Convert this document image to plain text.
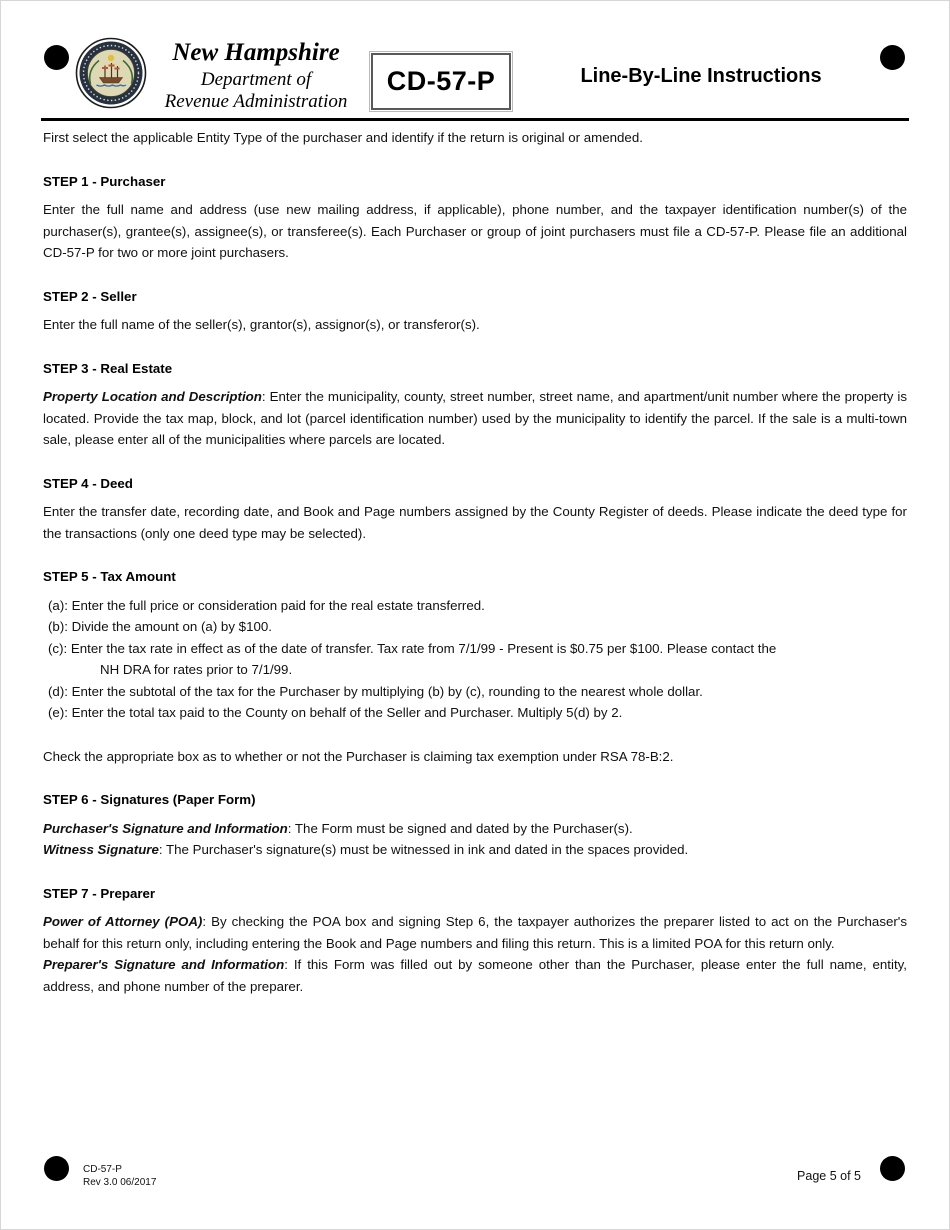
New Hampshire
Department of
Revenue Administration
CD-57-P	Line-By-Line Instructions

First select the applicable Entity Type of the purchaser and identify if the return is original or amended.

STEP 1 - Purchaser

Enter the full name and address (use new mailing address, if applicable), phone number, and the taxpayer identification number(s) of the purchaser(s), grantee(s), assignee(s), or transferee(s). Each Purchaser or group of joint purchasers must file a CD-57-P. Please file an additional CD-57-P for two or more joint purchasers.

STEP 2 - Seller

Enter the full name of the seller(s), grantor(s), assignor(s), or transferor(s).

STEP 3 - Real Estate

Property Location and Description: Enter the municipality, county, street number, street name, and apartment/unit number where the property is located. Provide the tax map, block, and lot (parcel identification number) used by the municipality to identify the parcel. If the sale is a multi-town sale, please enter all of the municipalities where parcels are located.

STEP 4 - Deed

Enter the transfer date, recording date, and Book and Page numbers assigned by the County Register of deeds. Please indicate the deed type for the transactions (only one deed type may be selected).

STEP 5 - Tax Amount

(a): Enter the full price or consideration paid for the real estate transferred.

(b): Divide the amount on (a) by $100.

(c): Enter the tax rate in effect as of the date of transfer. Tax rate from 7/1/99 - Present is $0.75 per $100. Please contact the

NH DRA for rates prior to 7/1/99.

(d): Enter the subtotal of the tax for the Purchaser by multiplying (b) by (c), rounding to the nearest whole dollar.

(e): Enter the total tax paid to the County on behalf of the Seller and Purchaser. Multiply 5(d) by 2.

Check the appropriate box as to whether or not the Purchaser is claiming tax exemption under RSA 78-B:2.

STEP 6 - Signatures (Paper Form)

Purchaser's Signature and Information: The Form must be signed and dated by the Purchaser(s).

Witness Signature: The Purchaser's signature(s) must be witnessed in ink and dated in the spaces provided.

STEP 7 - Preparer

Power of Attorney (POA): By checking the POA box and signing Step 6, the taxpayer authorizes the preparer listed to act on the Purchaser's behalf for this return only, including entering the Book and Page numbers and filing this return. This is a limited POA for this return only.

Preparer's Signature and Information: If this Form was filled out by someone other than the Purchaser, please enter the full name, entity, address, and phone number of the preparer.

CD-57-P
Rev 3.0 06/2017	Page 5 of 5
